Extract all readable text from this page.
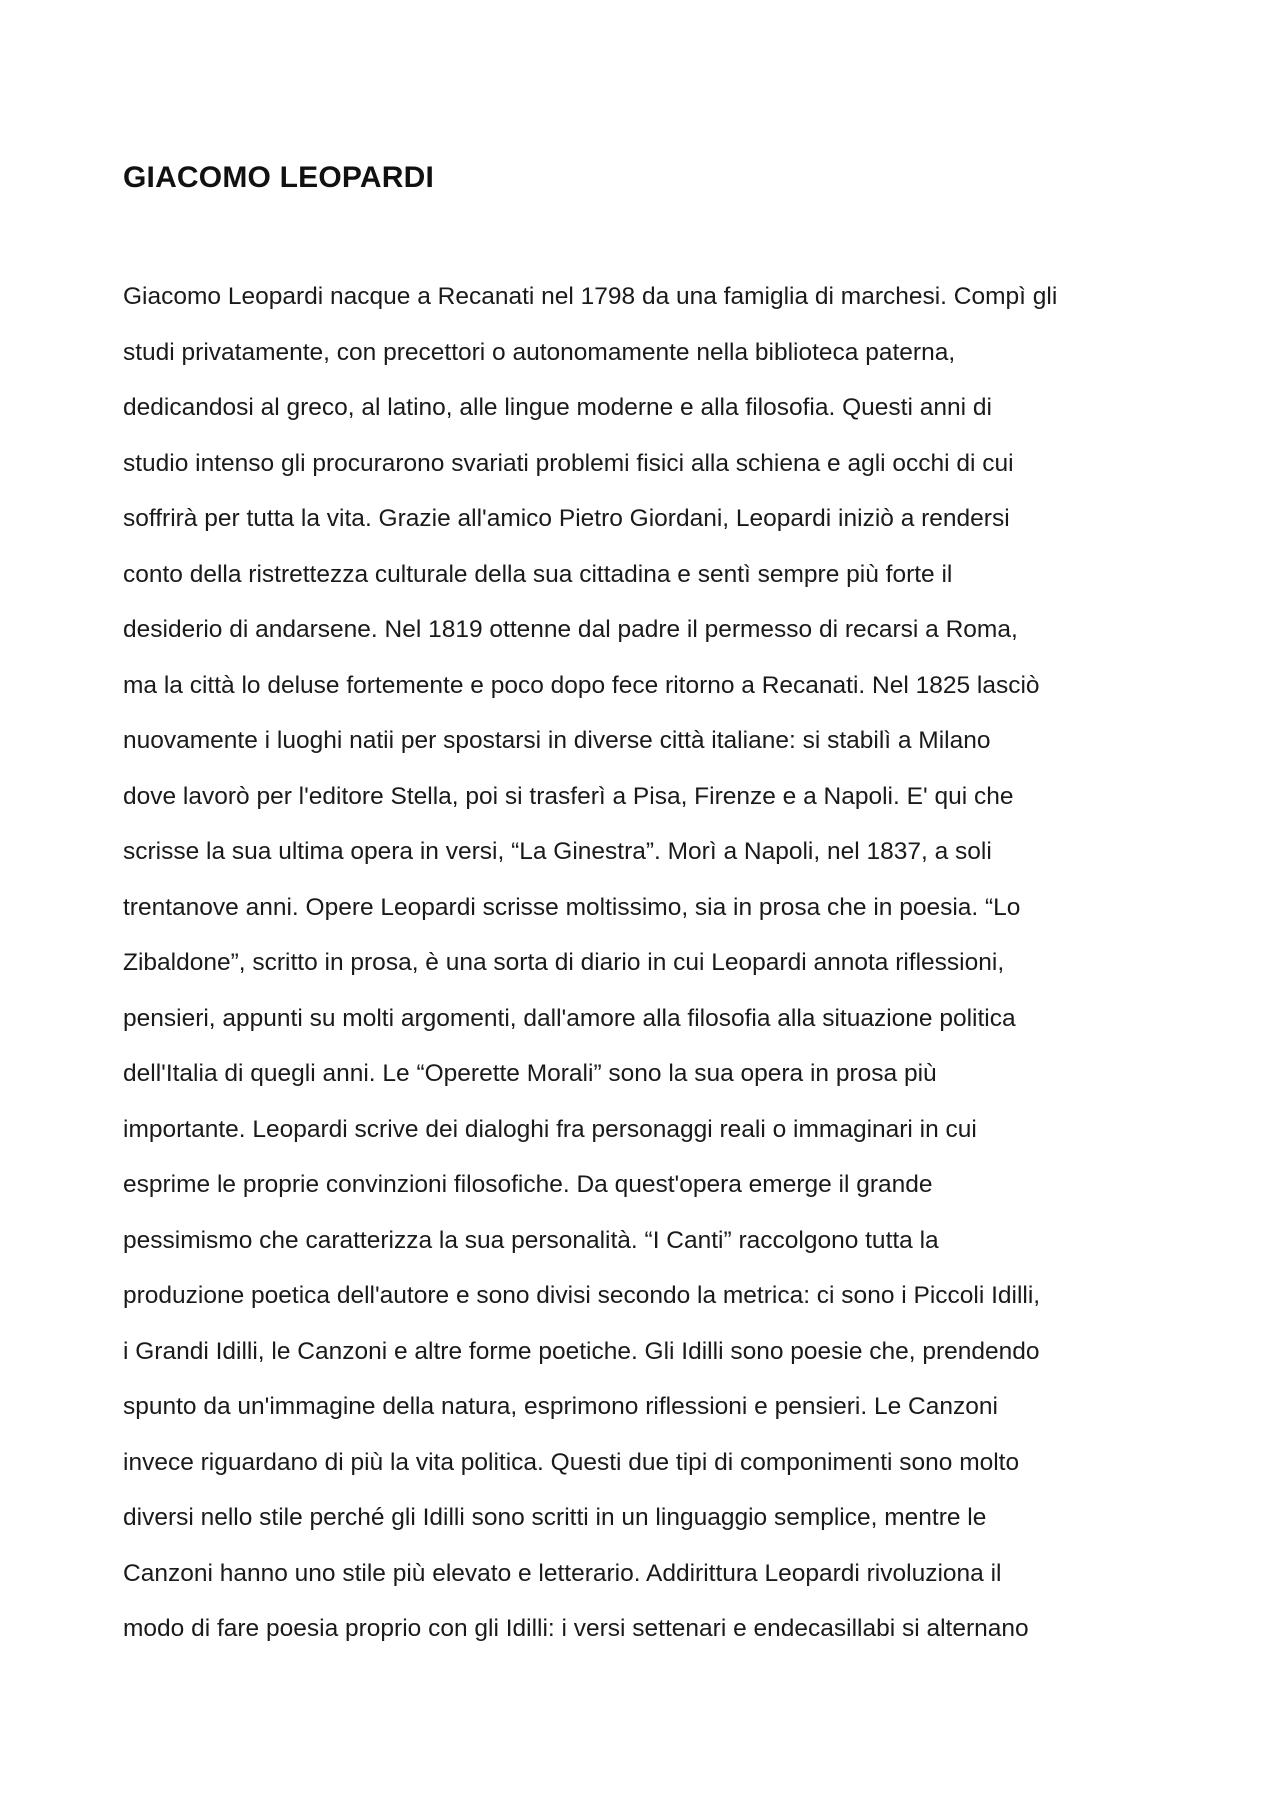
GIACOMO LEOPARDI
Giacomo Leopardi nacque a Recanati nel 1798 da una famiglia di marchesi. Compì gli
studi privatamente, con precettori o autonomamente nella biblioteca paterna,
dedicandosi al greco, al latino, alle lingue moderne e alla filosofia. Questi anni di
studio intenso gli procurarono svariati problemi fisici alla schiena e agli occhi di cui
soffrirà per tutta la vita. Grazie all'amico Pietro Giordani, Leopardi iniziò a rendersi
conto della ristrettezza culturale della sua cittadina e sentì sempre più forte il
desiderio di andarsene. Nel 1819 ottenne dal padre il permesso di recarsi a Roma,
ma la città lo deluse fortemente e poco dopo fece ritorno a Recanati. Nel 1825 lasciò
nuovamente i luoghi natii per spostarsi in diverse città italiane: si stabilì a Milano
dove lavorò per l'editore Stella, poi si trasferì a Pisa, Firenze e a Napoli. E' qui che
scrisse la sua ultima opera in versi, “La Ginestra”. Morì a Napoli, nel 1837, a soli
trentanove anni. Opere Leopardi scrisse moltissimo, sia in prosa che in poesia. “Lo
Zibaldone”, scritto in prosa, è una sorta di diario in cui Leopardi annota riflessioni,
pensieri, appunti su molti argomenti, dall'amore alla filosofia alla situazione politica
dell'Italia di quegli anni. Le “Operette Morali” sono la sua opera in prosa più
importante. Leopardi scrive dei dialoghi fra personaggi reali o immaginari in cui
esprime le proprie convinzioni filosofiche. Da quest'opera emerge il grande
pessimismo che caratterizza la sua personalità. “I Canti” raccolgono tutta la
produzione poetica dell'autore e sono divisi secondo la metrica: ci sono i Piccoli Idilli,
i Grandi Idilli, le Canzoni e altre forme poetiche. Gli Idilli sono poesie che, prendendo
spunto da un'immagine della natura, esprimono riflessioni e pensieri. Le Canzoni
invece riguardano di più la vita politica. Questi due tipi di componimenti sono molto
diversi nello stile perché gli Idilli sono scritti in un linguaggio semplice, mentre le
Canzoni hanno uno stile più elevato e letterario. Addirittura Leopardi rivoluziona il
modo di fare poesia proprio con gli Idilli: i versi settenari e endecasillabi si alternano
